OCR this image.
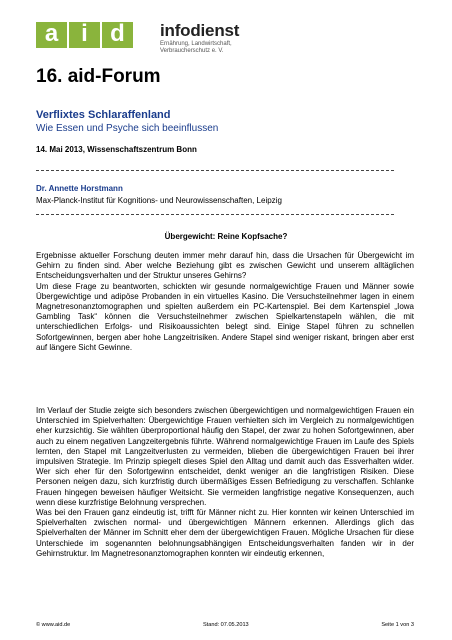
a i d	infodienst
Ernährung, Landwirtschaft, Verbraucherschutz e. V.
16. aid-Forum
Verflixtes Schlaraffenland
Wie Essen und Psyche sich beeinflussen
14. Mai 2013, Wissenschaftszentrum Bonn
Dr. Annette Horstmann
Max-Planck-Institut für Kognitions- und Neurowissenschaften, Leipzig
Übergewicht: Reine Kopfsache?

Ergebnisse aktueller Forschung deuten immer mehr darauf hin, dass die Ursachen für Übergewicht im Gehirn zu finden sind. Aber welche Beziehung gibt es zwischen Gewicht und unserem alltäglichen Entscheidungsverhalten und der Struktur unseres Gehirns?

Um diese Frage zu beantworten, schickten wir gesunde normalgewichtige Frauen und Männer sowie Übergewichtige und adipöse Probanden in ein virtuelles Kasino. Die Versuchsteilnehmer lagen in einem Magnetresonanztomographen und spielten außerdem ein PC-Kartenspiel. Bei dem Kartenspiel „Iowa Gambling Task“ können die Versuchsteilnehmer zwischen Spielkartenstapeln wählen, die mit unterschiedlichen Erfolgs- und Risikoaussichten belegt sind. Einige Stapel führen zu schnellen Sofortgewinnen, bergen aber hohe Langzeitrisiken. Andere Stapel sind weniger riskant, bringen aber erst auf längere Sicht Gewinne.

Im Verlauf der Studie zeigte sich besonders zwischen übergewichtigen und normalgewichtigen Frauen ein Unterschied im Spielverhalten: Übergewichtige Frauen verhielten sich im Vergleich zu normalgewichtigen eher kurzsichtig. Sie wählten überproportional häufig den Stapel, der zwar zu hohen Sofortgewinnen, aber auch zu einem negativen Langzeitergebnis führte. Während normalgewichtige Frauen im Laufe des Spiels lernten, den Stapel mit Langzeitverlusten zu vermeiden, blieben die übergewichtigen Frauen bei ihrer impulsiven Strategie. Im Prinzip spiegelt dieses Spiel den Alltag und damit auch das Essverhalten wider. Wer sich eher für den Sofortgewinn entscheidet, denkt weniger an die langfristigen Risiken. Diese Personen neigen dazu, sich kurzfristig durch übermäßiges Essen Befriedigung zu verschaffen. Schlanke Frauen hingegen beweisen häufiger Weitsicht. Sie vermeiden langfristige negative Konsequenzen, auch wenn diese kurzfristige Belohnung versprechen.

Was bei den Frauen ganz eindeutig ist, trifft für Männer nicht zu. Hier konnten wir keinen Unterschied im Spielverhalten zwischen normal- und übergewichtigen Männern erkennen. Allerdings glich das Spielverhalten der Männer im Schnitt eher dem der übergewichtigen Frauen. Mögliche Ursachen für diese Unterschiede im sogenannten belohnungsabhängigen Entscheidungsverhalten fanden wir in der Gehirnstruktur. Im Magnetresonanztomographen konnten wir eindeutig erkennen,

© www.aid.de	Stand: 07.05.2013	Seite 1 von 3
